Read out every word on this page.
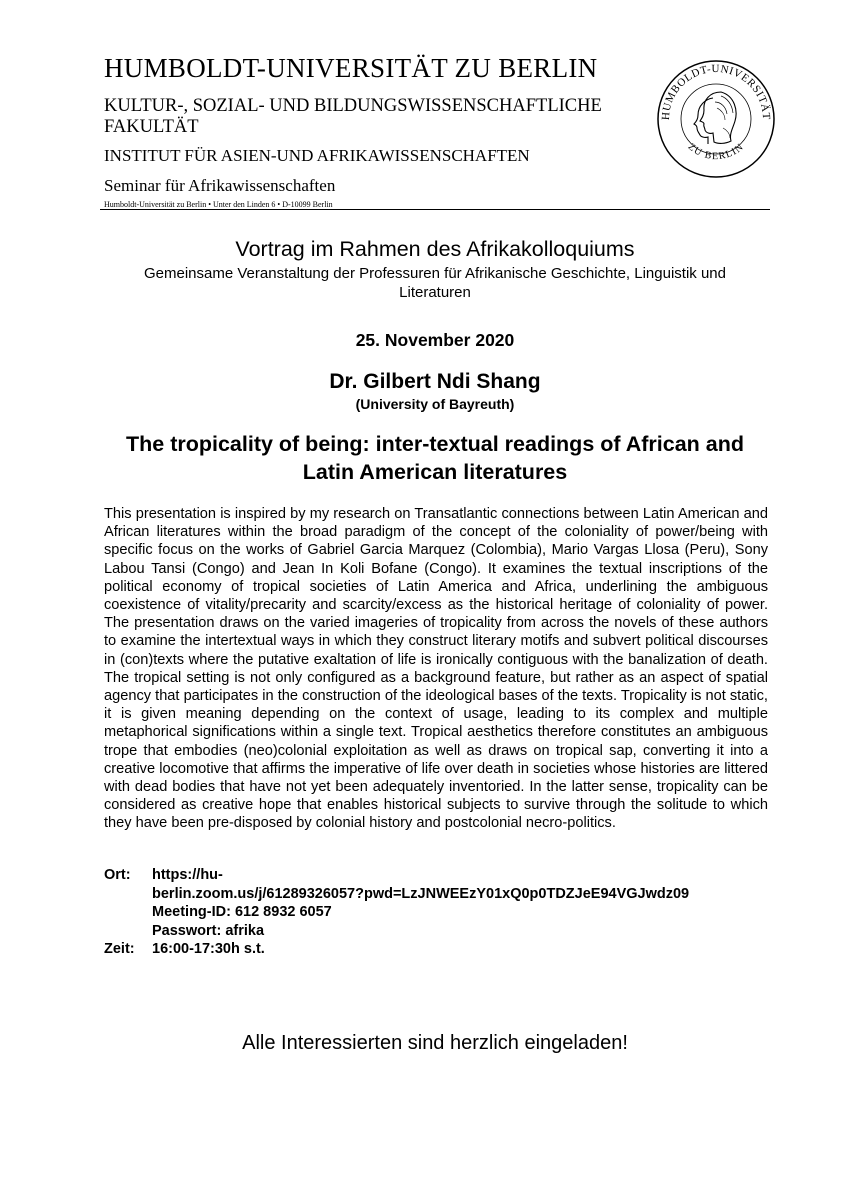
HUMBOLDT-UNIVERSITÄT ZU BERLIN
KULTUR-, SOZIAL- UND BILDUNGSWISSENSCHAFTLICHE FAKULTÄT
INSTITUT FÜR ASIEN-UND AFRIKAWISSENSCHAFTEN
Seminar für Afrikawissenschaften
Humboldt-Universität zu Berlin • Unter den Linden 6 • D-10099 Berlin
HUMBOLDT-UNIVERSITÄT
ZU BERLIN
Vortrag im Rahmen des Afrikakolloquiums
Gemeinsame Veranstaltung der Professuren für Afrikanische Geschichte, Linguistik und Literaturen
25. November 2020
Dr. Gilbert Ndi Shang
(University of Bayreuth)
The tropicality of being: inter-textual readings of African and Latin American literatures
This presentation is inspired by my research on Transatlantic connections between Latin American and African literatures within the broad paradigm of the concept of the coloniality of power/being with specific focus on the works of Gabriel Garcia Marquez (Colombia), Mario Vargas Llosa (Peru), Sony Labou Tansi (Congo) and Jean In Koli Bofane (Congo). It examines the textual inscriptions of the political economy of tropical societies of Latin America and Africa, underlining the ambiguous coexistence of vitality/precarity and scarcity/excess as the historical heritage of coloniality of power. The presentation draws on the varied imageries of tropicality from across the novels of these authors to examine the intertextual ways in which they construct literary motifs and subvert political discourses in (con)texts where the putative exaltation of life is ironically contiguous with the banalization of death. The tropical setting is not only configured as a background feature, but rather as an aspect of spatial agency that participates in the construction of the ideological bases of the texts. Tropicality is not static, it is given meaning depending on the context of usage, leading to its complex and multiple metaphorical significations within a single text. Tropical aesthetics therefore constitutes an ambiguous trope that embodies (neo)colonial exploitation as well as draws on tropical sap, converting it into a creative locomotive that affirms the imperative of life over death in societies whose histories are littered with dead bodies that have not yet been adequately inventoried. In the latter sense, tropicality can be considered as creative hope that enables historical subjects to survive through the solitude to which they have been pre-disposed by colonial history and postcolonial necro-politics.
Ort:	https://hu-
berlin.zoom.us/j/61289326057?pwd=LzJNWEEzY01xQ0p0TDZJeE94VGJwdz09
Meeting-ID: 612 8932 6057
Passwort: afrika
Zeit:	16:00-17:30h s.t.
Alle Interessierten sind herzlich eingeladen!
